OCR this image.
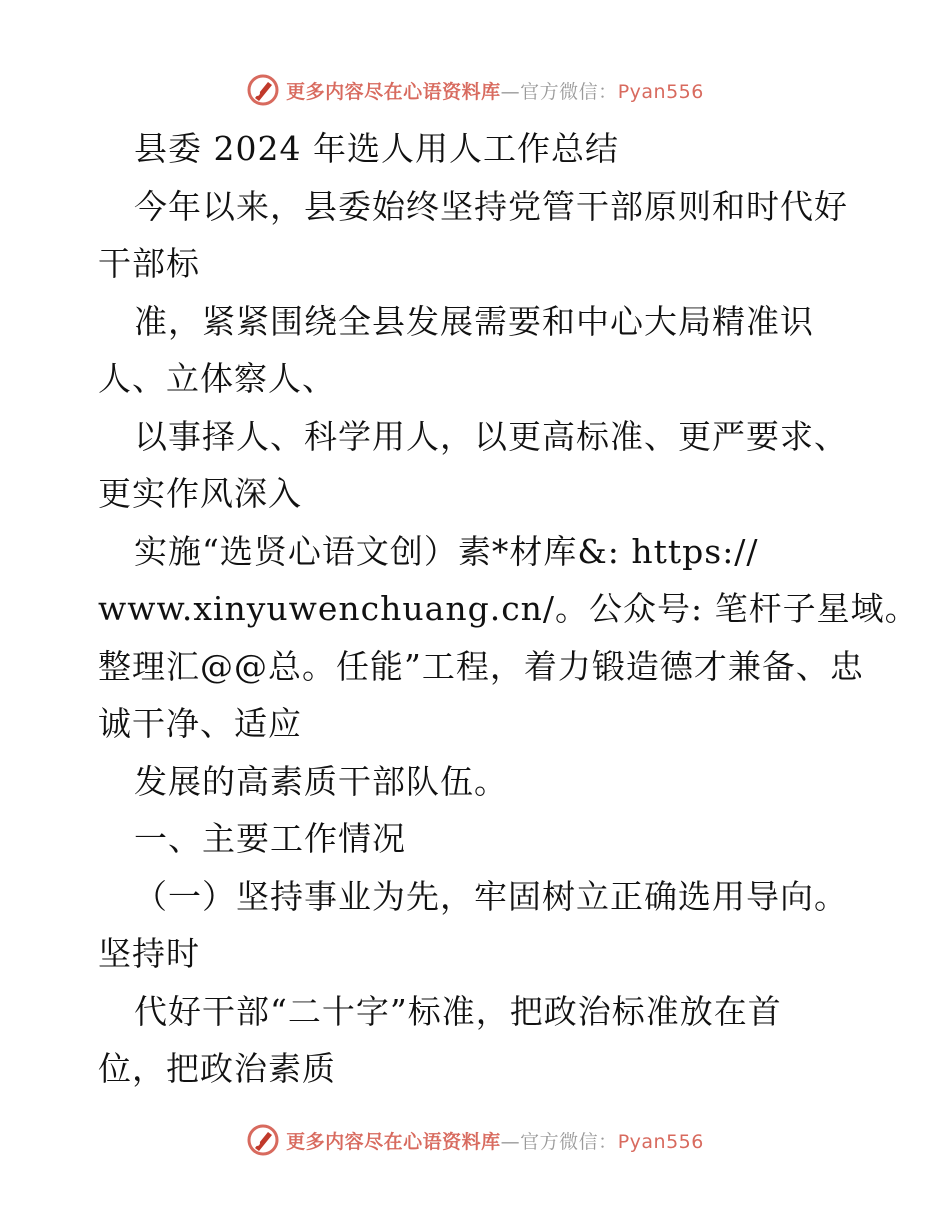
更多内容尽在心语资料库—官方微信：Pyan556

县委 2024 年选人用人工作总结

今年以来，县委始终坚持党管干部原则和时代好

干部标

准，紧紧围绕全县发展需要和中心大局精准识

人、立体察人、

以事择人、科学用人，以更高标准、更严要求、

更实作风深入

实施“选贤心语文创）素*材库&: https://

www.xinyuwenchuang.cn/。公众号: 笔杆子星域。

整理汇@@总。任能”工程，着力锻造德才兼备、忠

诚干净、适应

发展的高素质干部队伍。

一、主要工作情况

（一）坚持事业为先，牢固树立正确选用导向。

坚持时

代好干部“二十字”标准，把政治标准放在首

位，把政治素质

更多内容尽在心语资料库—官方微信：Pyan556
